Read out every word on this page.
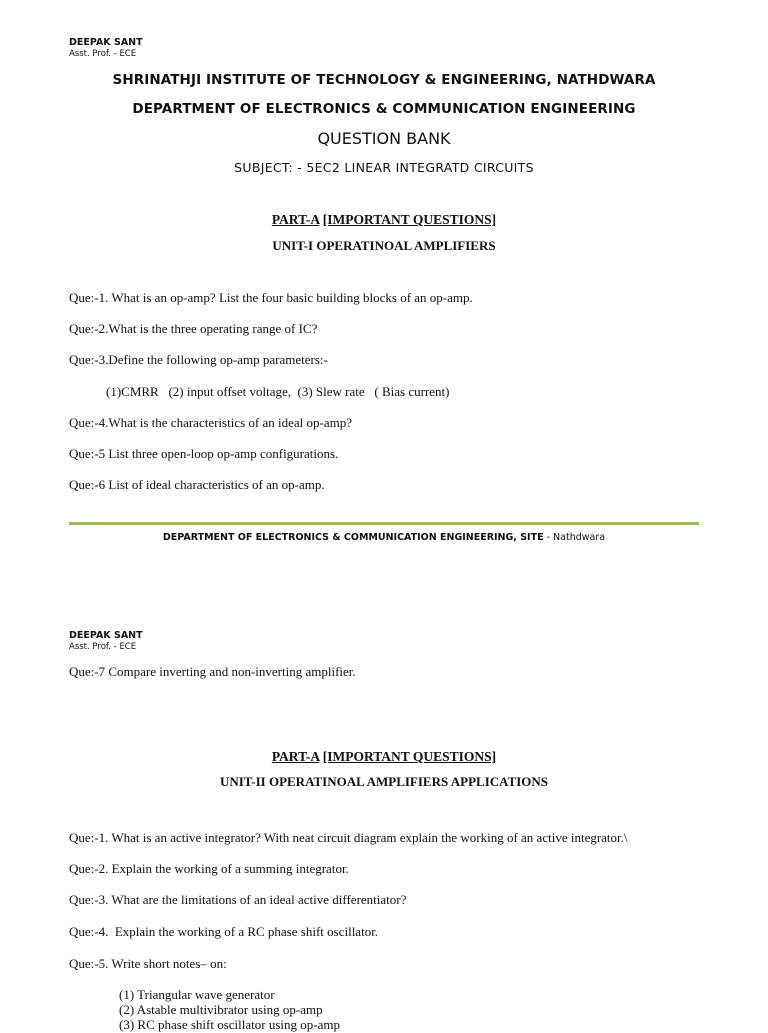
DEEPAK SANT
Asst. Prof. - ECE
SHRINATHJI INSTITUTE OF TECHNOLOGY & ENGINEERING, NATHDWARA
DEPARTMENT OF ELECTRONICS & COMMUNICATION ENGINEERING
QUESTION BANK
SUBJECT: - 5EC2 LINEAR INTEGRATD CIRCUITS
PART-A [IMPORTANT QUESTIONS]
UNIT-I OPERATINOAL AMPLIFIERS
Que:-1. What is an op-amp? List the four basic building blocks of an op-amp.
Que:-2.What is the three operating range of IC?
Que:-3.Define the following op-amp parameters:-
(1)CMRR   (2) input offset voltage,  (3) Slew rate   ( Bias current)
Que:-4.What is the characteristics of an ideal op-amp?
Que:-5 List three open-loop op-amp configurations.
Que:-6 List of ideal characteristics of an op-amp.
DEPARTMENT OF ELECTRONICS & COMMUNICATION ENGINEERING, SITE - Nathdwara
DEEPAK SANT
Asst. Prof. - ECE
Que:-7 Compare inverting and non-inverting amplifier.
PART-A [IMPORTANT QUESTIONS]
UNIT-II OPERATINOAL AMPLIFIERS APPLICATIONS
Que:-1. What is an active integrator? With neat circuit diagram explain the working of an active integrator.\
Que:-2. Explain the working of a summing integrator.
Que:-3. What are the limitations of an ideal active differentiator?
Que:-4.  Explain the working of a RC phase shift oscillator.
Que:-5. Write short notes– on:
(1) Triangular wave generator
(2) Astable multivibrator using op-amp
(3) RC phase shift oscillator using op-amp
